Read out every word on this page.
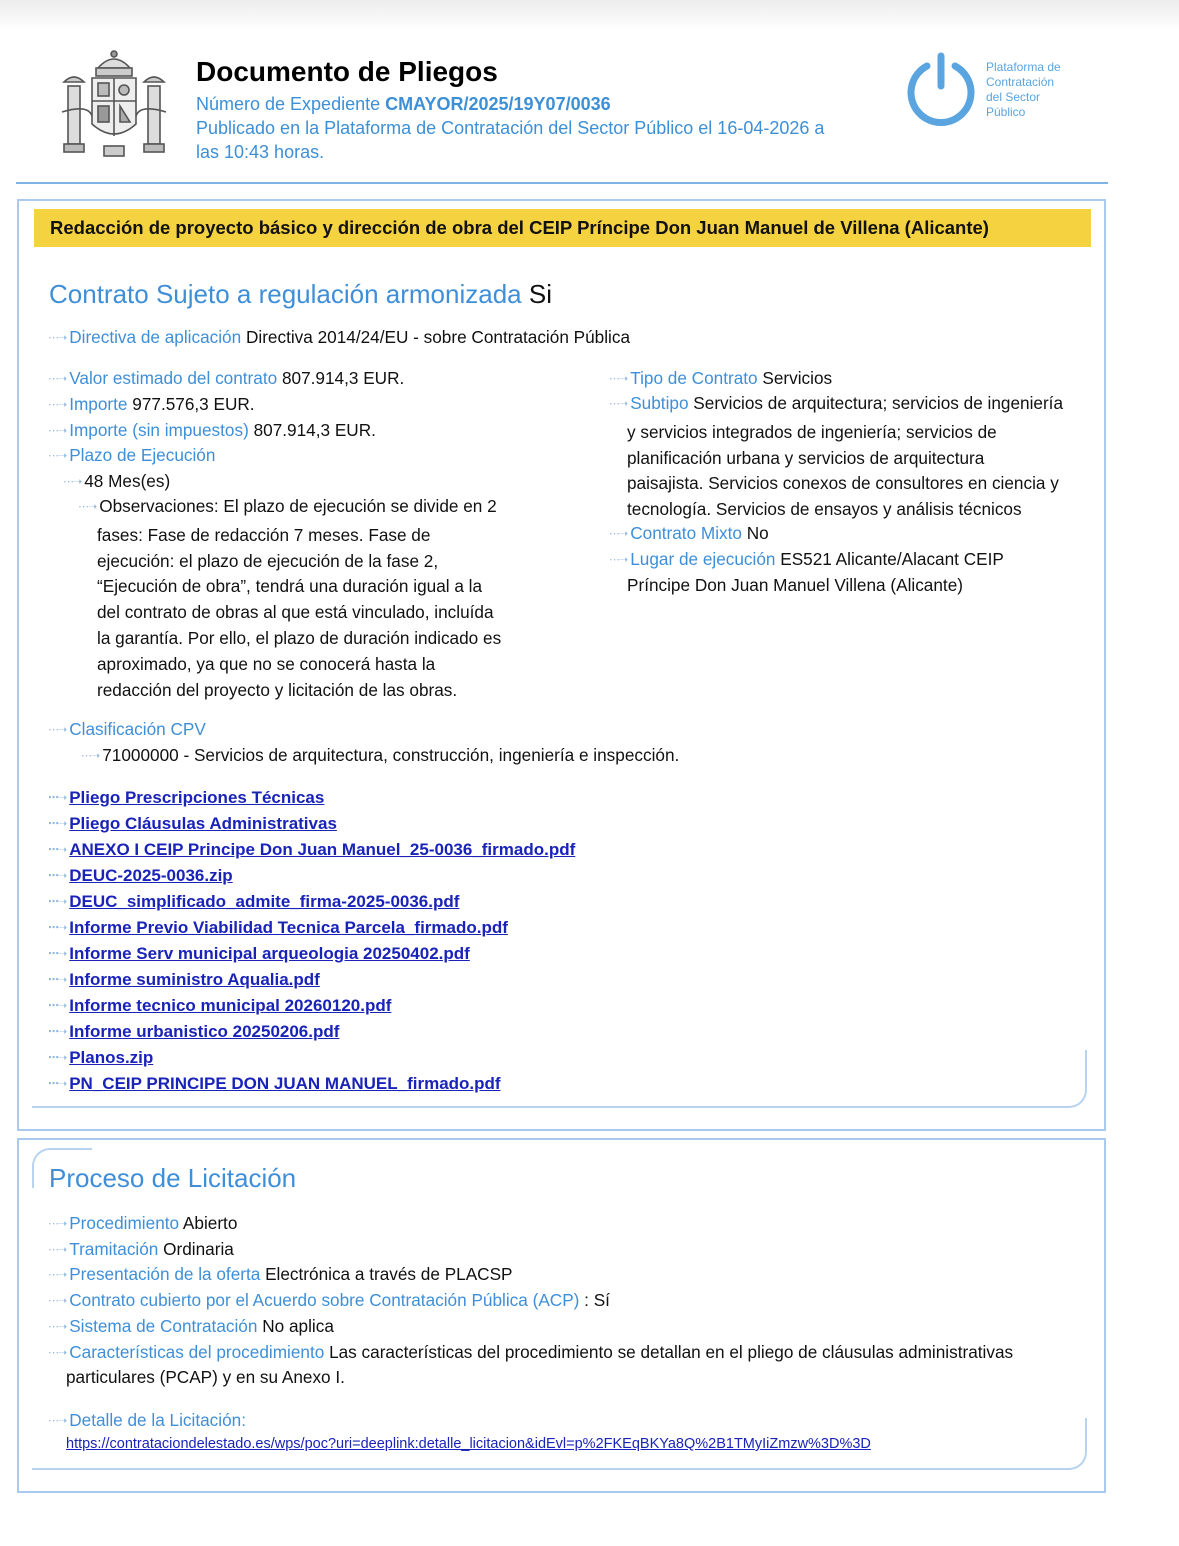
Documento de Pliegos
Número de Expediente CMAYOR/2025/19Y07/0036
Publicado en la Plataforma de Contratación del Sector Público el 16-04-2026 a
las 10:43 horas.
Plataforma de
Contratación
del Sector
Público
Redacción de proyecto básico y dirección de obra del CEIP Príncipe Don Juan Manuel de Villena (Alicante)
Contrato Sujeto a regulación armonizada Si
⋯➝ Directiva de aplicación Directiva 2014/24/EU - sobre Contratación Pública
⋯➝ Valor estimado del contrato 807.914,3 EUR.
⋯➝ Importe 977.576,3 EUR.
⋯➝ Importe (sin impuestos) 807.914,3 EUR.
⋯➝ Plazo de Ejecución
⋯➝ 48 Mes(es)
⋯➝ Observaciones: El plazo de ejecución se divide en 2
fases: Fase de redacción 7 meses. Fase de
ejecución: el plazo de ejecución de la fase 2,
“Ejecución de obra”, tendrá una duración igual a la
del contrato de obras al que está vinculado, incluída
la garantía. Por ello, el plazo de duración indicado es
aproximado, ya que no se conocerá hasta la
redacción del proyecto y licitación de las obras.
⋯➝ Tipo de Contrato Servicios
⋯➝ Subtipo Servicios de arquitectura; servicios de ingeniería
y servicios integrados de ingeniería; servicios de
planificación urbana y servicios de arquitectura
paisajista. Servicios conexos de consultores en ciencia y
tecnología. Servicios de ensayos y análisis técnicos
⋯➝ Contrato Mixto No
⋯➝ Lugar de ejecución ES521 Alicante/Alacant CEIP
Príncipe Don Juan Manuel Villena (Alicante)
⋯➝ Clasificación CPV
⋯➝ 71000000 - Servicios de arquitectura, construcción, ingeniería e inspección.
⋯➝ Pliego Prescripciones Técnicas
⋯➝ Pliego Cláusulas Administrativas
⋯➝ ANEXO I CEIP Principe Don Juan Manuel_25-0036_firmado.pdf
⋯➝ DEUC-2025-0036.zip
⋯➝ DEUC_simplificado_admite_firma-2025-0036.pdf
⋯➝ Informe Previo Viabilidad Tecnica Parcela_firmado.pdf
⋯➝ Informe Serv municipal arqueologia 20250402.pdf
⋯➝ Informe suministro Aqualia.pdf
⋯➝ Informe tecnico municipal 20260120.pdf
⋯➝ Informe urbanistico 20250206.pdf
⋯➝ Planos.zip
⋯➝ PN_CEIP PRINCIPE DON JUAN MANUEL_firmado.pdf
Proceso de Licitación
⋯➝ Procedimiento Abierto
⋯➝ Tramitación Ordinaria
⋯➝ Presentación de la oferta Electrónica a través de PLACSP
⋯➝ Contrato cubierto por el Acuerdo sobre Contratación Pública (ACP) : Sí
⋯➝ Sistema de Contratación No aplica
⋯➝ Características del procedimiento Las características del procedimiento se detallan en el pliego de cláusulas administrativas
particulares (PCAP) y en su Anexo I.
⋯➝ Detalle de la Licitación:
https://contrataciondelestado.es/wps/poc?uri=deeplink:detalle_licitacion&idEvl=p%2FKEqBKYa8Q%2B1TMyIiZmzw%3D%3D
